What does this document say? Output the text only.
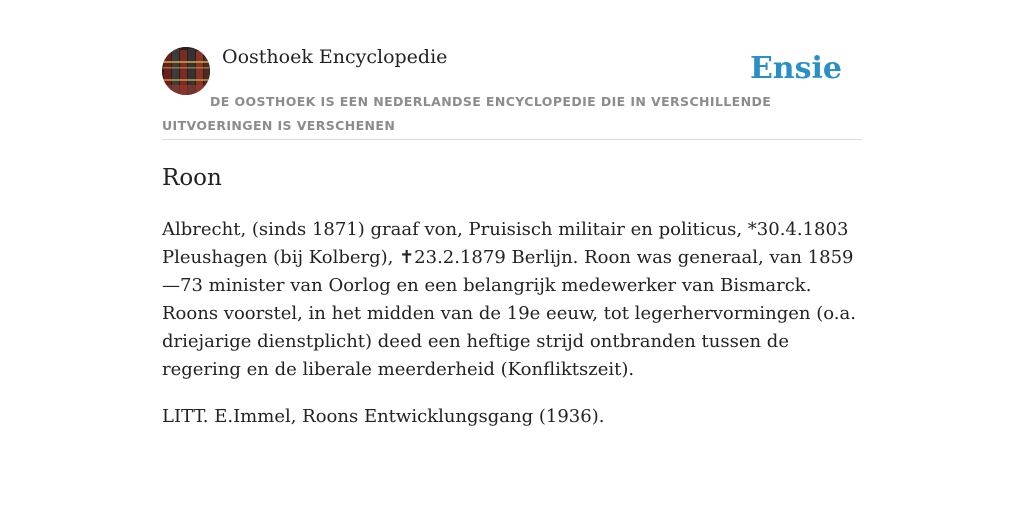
Oosthoek Encyclopedie	Ensie
DE OOSTHOEK IS EEN NEDERLANDSE ENCYCLOPEDIE DIE IN VERSCHILLENDE UITVOERINGEN IS VERSCHENEN
Roon

Albrecht, (sinds 1871) graaf von, Pruisisch militair en politicus, *30.4.1803 Pleushagen (bij Kolberg), ✝23.2.1879 Berlijn. Roon was generaal, van 1859—73 minister van Oorlog en een belangrijk medewerker van Bismarck. Roons voorstel, in het midden van de 19e eeuw, tot legerhervormingen (o.a. driejarige dienstplicht) deed een heftige strijd ontbranden tussen de regering en de liberale meerderheid (Konfliktszeit).

LITT. E.Immel, Roons Entwicklungsgang (1936).
